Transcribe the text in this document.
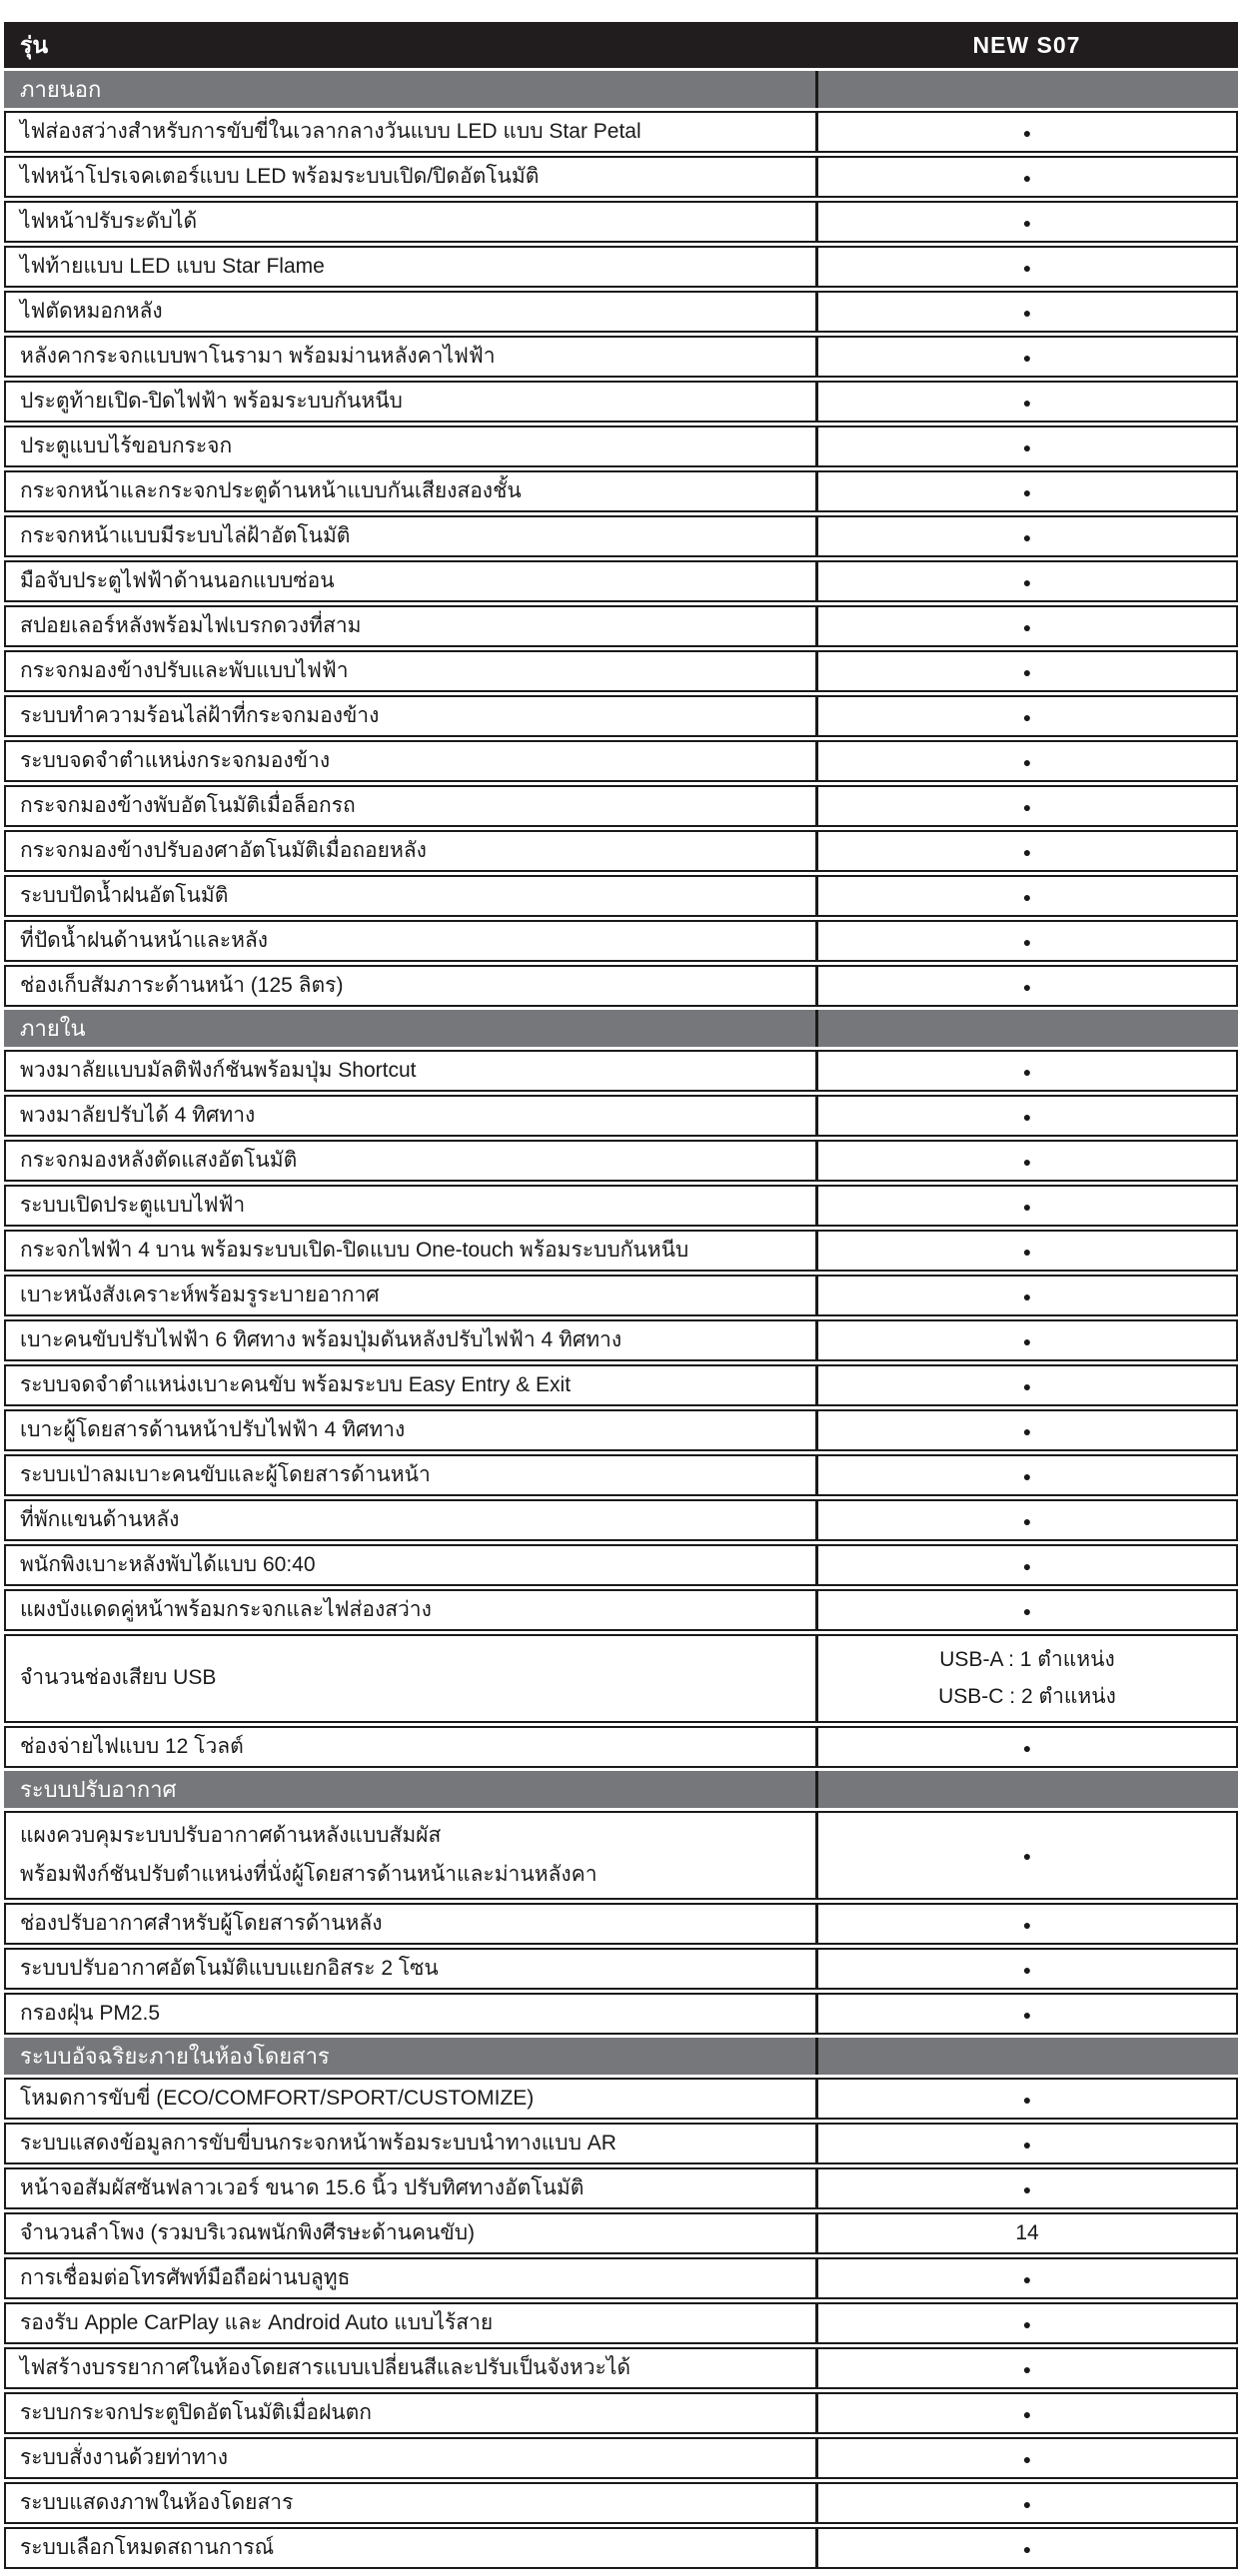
รุ่น	NEW S07
ภายนอก	
ไฟส่องสว่างสำหรับการขับขี่ในเวลากลางวันแบบ LED แบบ Star Petal	●
ไฟหน้าโปรเจคเตอร์แบบ LED พร้อมระบบเปิด/ปิดอัตโนมัติ	●
ไฟหน้าปรับระดับได้	●
ไฟท้ายแบบ LED แบบ Star Flame	●
ไฟตัดหมอกหลัง	●
หลังคากระจกแบบพาโนรามา พร้อมม่านหลังคาไฟฟ้า	●
ประตูท้ายเปิด-ปิดไฟฟ้า พร้อมระบบกันหนีบ	●
ประตูแบบไร้ขอบกระจก	●
กระจกหน้าและกระจกประตูด้านหน้าแบบกันเสียงสองชั้น	●
กระจกหน้าแบบมีระบบไล่ฝ้าอัตโนมัติ	●
มือจับประตูไฟฟ้าด้านนอกแบบซ่อน	●
สปอยเลอร์หลังพร้อมไฟเบรกดวงที่สาม	●
กระจกมองข้างปรับและพับแบบไฟฟ้า	●
ระบบทำความร้อนไล่ฝ้าที่กระจกมองข้าง	●
ระบบจดจำตำแหน่งกระจกมองข้าง	●
กระจกมองข้างพับอัตโนมัติเมื่อล็อกรถ	●
กระจกมองข้างปรับองศาอัตโนมัติเมื่อถอยหลัง	●
ระบบปัดน้ำฝนอัตโนมัติ	●
ที่ปัดน้ำฝนด้านหน้าและหลัง	●
ช่องเก็บสัมภาระด้านหน้า (125 ลิตร)	●
ภายใน	
พวงมาลัยแบบมัลติฟังก์ชันพร้อมปุ่ม Shortcut	●
พวงมาลัยปรับได้ 4 ทิศทาง	●
กระจกมองหลังตัดแสงอัตโนมัติ	●
ระบบเปิดประตูแบบไฟฟ้า	●
กระจกไฟฟ้า 4 บาน พร้อมระบบเปิด-ปิดแบบ One-touch พร้อมระบบกันหนีบ	●
เบาะหนังสังเคราะห์พร้อมรูระบายอากาศ	●
เบาะคนขับปรับไฟฟ้า 6 ทิศทาง พร้อมปุ่มดันหลังปรับไฟฟ้า 4 ทิศทาง	●
ระบบจดจำตำแหน่งเบาะคนขับ พร้อมระบบ Easy Entry & Exit	●
เบาะผู้โดยสารด้านหน้าปรับไฟฟ้า 4 ทิศทาง	●
ระบบเป่าลมเบาะคนขับและผู้โดยสารด้านหน้า	●
ที่พักแขนด้านหลัง	●
พนักพิงเบาะหลังพับได้แบบ 60:40	●
แผงบังแดดคู่หน้าพร้อมกระจกและไฟส่องสว่าง	●
จำนวนช่องเสียบ USB	USB-A : 1 ตำแหน่ง
USB-C : 2 ตำแหน่ง

ช่องจ่ายไฟแบบ 12 โวลต์	●
ระบบปรับอากาศ	

แผงควบคุมระบบปรับอากาศด้านหลังแบบสัมผัส
พร้อมฟังก์ชันปรับตำแหน่งที่นั่งผู้โดยสารด้านหน้าและม่านหลังคา	●
ช่องปรับอากาศสำหรับผู้โดยสารด้านหลัง	●
ระบบปรับอากาศอัตโนมัติแบบแยกอิสระ 2 โซน	●
กรองฝุ่น PM2.5	●
ระบบอัจฉริยะภายในห้องโดยสาร	
โหมดการขับขี่ (ECO/COMFORT/SPORT/CUSTOMIZE)	●
ระบบแสดงข้อมูลการขับขี่บนกระจกหน้าพร้อมระบบนำทางแบบ AR	●
หน้าจอสัมผัสซันฟลาวเวอร์ ขนาด 15.6 นิ้ว ปรับทิศทางอัตโนมัติ	●
จำนวนลำโพง (รวมบริเวณพนักพิงศีรษะด้านคนขับ)	14
การเชื่อมต่อโทรศัพท์มือถือผ่านบลูทูธ	●
รองรับ Apple CarPlay และ Android Auto แบบไร้สาย	●
ไฟสร้างบรรยากาศในห้องโดยสารแบบเปลี่ยนสีและปรับเป็นจังหวะได้	●
ระบบกระจกประตูปิดอัตโนมัติเมื่อฝนตก	●
ระบบสั่งงานด้วยท่าทาง	●
ระบบแสดงภาพในห้องโดยสาร	●
ระบบเลือกโหมดสถานการณ์	●
